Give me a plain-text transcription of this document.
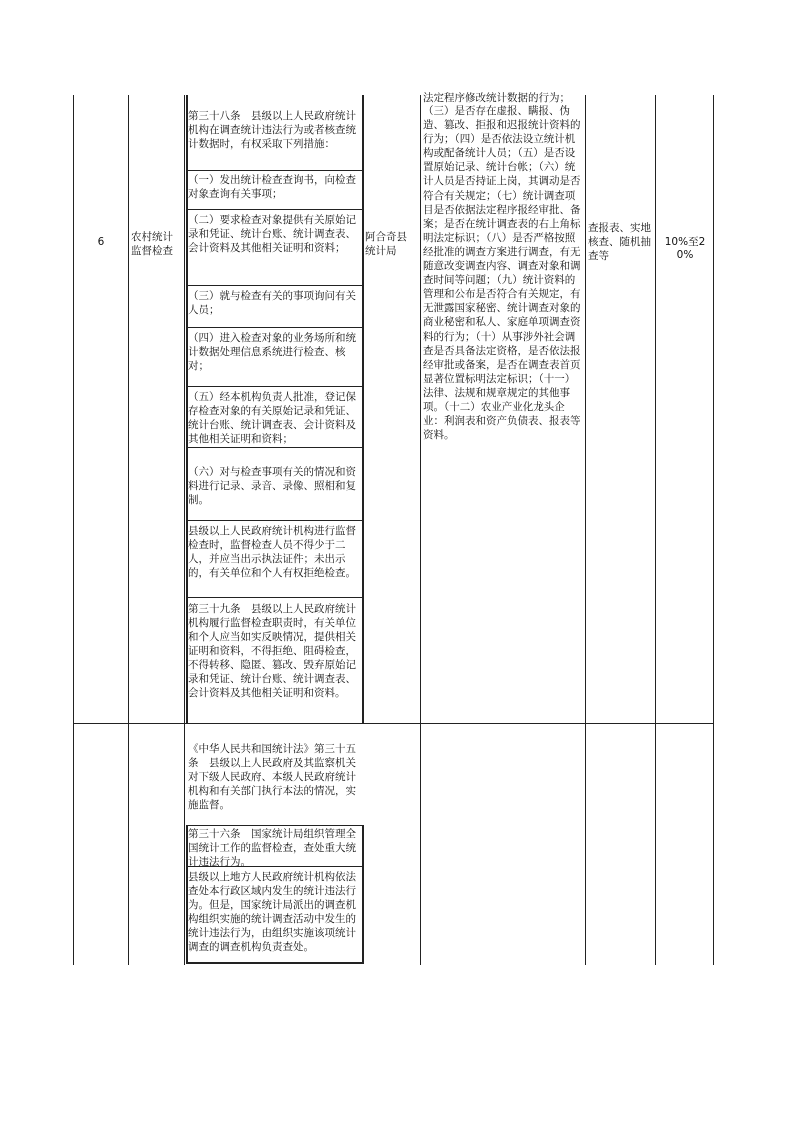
6	农村统计监督检查
第三十八条　县级以上人民政府统计机构在调查统计违法行为或者核查统计数据时，有权采取下列措施：
（一）发出统计检查查询书，向检查对象查询有关事项；
（二）要求检查对象提供有关原始记录和凭证、统计台账、统计调查表、会计资料及其他相关证明和资料；
（三）就与检查有关的事项询问有关人员；
（四）进入检查对象的业务场所和统计数据处理信息系统进行检查、核对；
（五）经本机构负责人批准，登记保存检查对象的有关原始记录和凭证、统计台账、统计调查表、会计资料及其他相关证明和资料；
（六）对与检查事项有关的情况和资料进行记录、录音、录像、照相和复制。
县级以上人民政府统计机构进行监督检查时，监督检查人员不得少于二人，并应当出示执法证件；未出示的，有关单位和个人有权拒绝检查。
第三十九条　县级以上人民政府统计机构履行监督检查职责时，有关单位和个人应当如实反映情况，提供相关证明和资料，不得拒绝、阻碍检查，不得转移、隐匿、篡改、毁弃原始记录和凭证、统计台账、统计调查表、会计资料及其他相关证明和资料。
阿合奇县统计局
法定程序修改统计数据的行为；
（三）是否存在虚报、瞒报、伪造、篡改、拒报和迟报统计资料的行为；（四）是否依法设立统计机构或配备统计人员；（五）是否设置原始记录、统计台帐；（六）统计人员是否持证上岗，其调动是否符合有关规定；（七）统计调查项目是否依据法定程序报经审批、备案；是否在统计调查表的右上角标明法定标识；（八）是否严格按照经批准的调查方案进行调查，有无随意改变调查内容、调查对象和调查时间等问题；（九）统计资料的管理和公布是否符合有关规定，有无泄露国家秘密、统计调查对象的商业秘密和私人、家庭单项调查资料的行为；（十）从事涉外社会调查是否具备法定资格，是否依法报经审批或备案，是否在调查表首页显著位置标明法定标识；（十一）法律、法规和规章规定的其他事项。（十二）农业产业化龙头企业：利润表和资产负债表、报表等资料。
查报表、实地核查、随机抽查等
10%至20%
《中华人民共和国统计法》第三十五条　县级以上人民政府及其监察机关对下级人民政府、本级人民政府统计机构和有关部门执行本法的情况，实施监督。
第三十六条　国家统计局组织管理全国统计工作的监督检查，查处重大统计违法行为。
县级以上地方人民政府统计机构依法查处本行政区域内发生的统计违法行为。但是，国家统计局派出的调查机构组织实施的统计调查活动中发生的统计违法行为，由组织实施该项统计调查的调查机构负责查处。
